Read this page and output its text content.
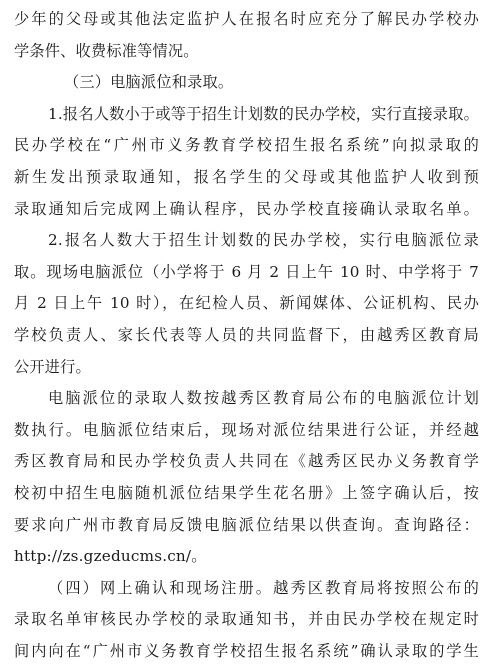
少年的父母或其他法定监护人在报名时应充分了解民办学校办
学条件、收费标准等情况。
（三）电脑派位和录取。
1.报名人数小于或等于招生计划数的民办学校，实行直接录取。
民办学校在“广州市义务教育学校招生报名系统”向拟录取的
新生发出预录取通知，报名学生的父母或其他监护人收到预
录取通知后完成网上确认程序，民办学校直接确认录取名单。
2.报名人数大于招生计划数的民办学校，实行电脑派位录
取。现场电脑派位（小学将于 6 月 2 日上午 10 时、中学将于 7
月 2 日上午 10 时），在纪检人员、新闻媒体、公证机构、民办
学校负责人、家长代表等人员的共同监督下，由越秀区教育局
公开进行。
电脑派位的录取人数按越秀区教育局公布的电脑派位计划
数执行。电脑派位结束后，现场对派位结果进行公证，并经越
秀区教育局和民办学校负责人共同在《越秀区民办义务教育学
校初中招生电脑随机派位结果学生花名册》上签字确认后，按
要求向广州市教育局反馈电脑派位结果以供查询。查询路径：
http://zs.gzeducms.cn/。
（四）网上确认和现场注册。越秀区教育局将按照公布的
录取名单审核民办学校的录取通知书，并由民办学校在规定时
间内向在“广州市义务教育学校招生报名系统”确认录取的学生
